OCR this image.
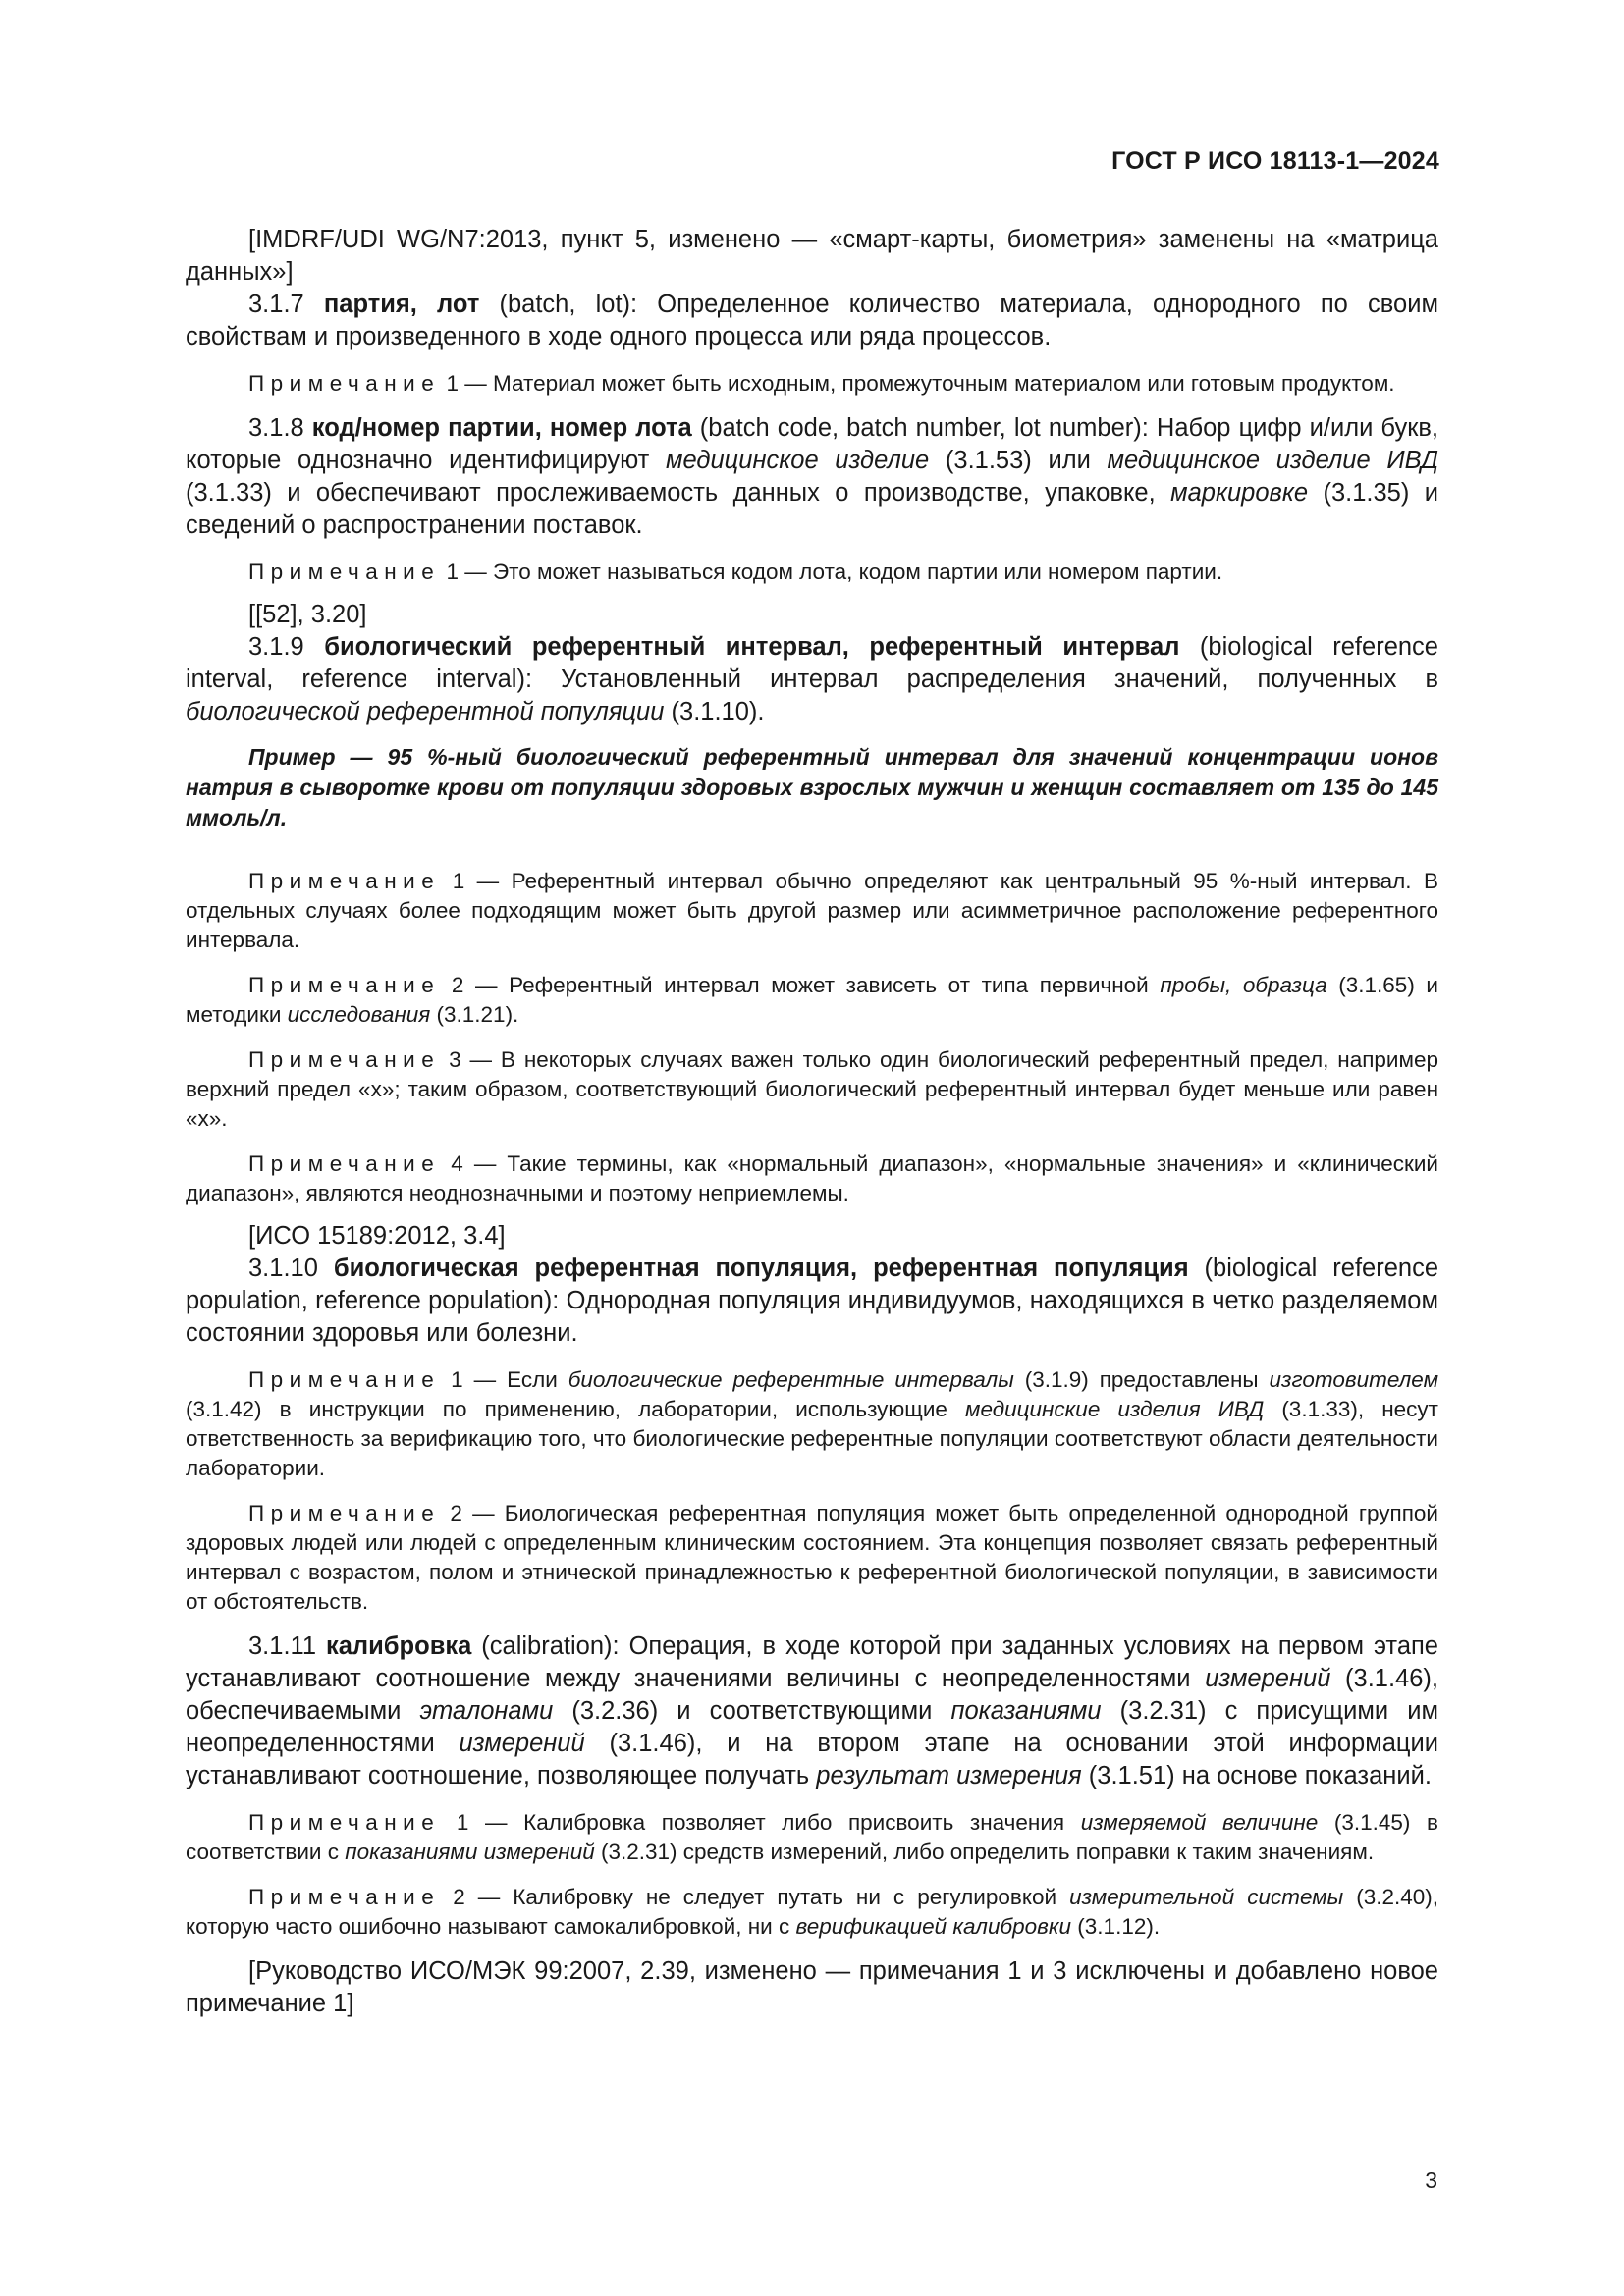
ГОСТ Р ИСО 18113-1—2024

[IMDRF/UDI WG/N7:2013, пункт 5, изменено — «смарт-карты, биометрия» заменены на «матрица данных»]

3.1.7 партия, лот (batch, lot): Определенное количество материала, однородного по своим свойствам и произведенного в ходе одного процесса или ряда процессов.

Примечание 1 — Материал может быть исходным, промежуточным материалом или готовым продуктом.

3.1.8 код/номер партии, номер лота (batch code, batch number, lot number): Набор цифр и/или букв, которые однозначно идентифицируют медицинское изделие (3.1.53) или медицинское изделие ИВД (3.1.33) и обеспечивают прослеживаемость данных о производстве, упаковке, маркировке (3.1.35) и сведений о распространении поставок.

Примечание 1 — Это может называться кодом лота, кодом партии или номером партии.

[[52], 3.20]

3.1.9 биологический референтный интервал, референтный интервал (biological reference interval, reference interval): Установленный интервал распределения значений, полученных в биологической референтной популяции (3.1.10).

Пример — 95 %-ный биологический референтный интервал для значений концентрации ионов натрия в сыворотке крови от популяции здоровых взрослых мужчин и женщин составляет от 135 до 145 ммоль/л.

Примечание 1 — Референтный интервал обычно определяют как центральный 95 %-ный интервал. В отдельных случаях более подходящим может быть другой размер или асимметричное расположение референтного интервала.

Примечание 2 — Референтный интервал может зависеть от типа первичной пробы, образца (3.1.65) и методики исследования (3.1.21).

Примечание 3 — В некоторых случаях важен только один биологический референтный предел, например верхний предел «x»; таким образом, соответствующий биологический референтный интервал будет меньше или равен «x».

Примечание 4 — Такие термины, как «нормальный диапазон», «нормальные значения» и «клинический диапазон», являются неоднозначными и поэтому неприемлемы.

[ИСО 15189:2012, 3.4]

3.1.10 биологическая референтная популяция, референтная популяция (biological reference population, reference population): Однородная популяция индивидуумов, находящихся в четко разделяемом состоянии здоровья или болезни.

Примечание 1 — Если биологические референтные интервалы (3.1.9) предоставлены изготовителем (3.1.42) в инструкции по применению, лаборатории, использующие медицинские изделия ИВД (3.1.33), несут ответственность за верификацию того, что биологические референтные популяции соответствуют области деятельности лаборатории.

Примечание 2 — Биологическая референтная популяция может быть определенной однородной группой здоровых людей или людей с определенным клиническим состоянием. Эта концепция позволяет связать референтный интервал с возрастом, полом и этнической принадлежностью к референтной биологической популяции, в зависимости от обстоятельств.

3.1.11 калибровка (calibration): Операция, в ходе которой при заданных условиях на первом этапе устанавливают соотношение между значениями величины с неопределенностями измерений (3.1.46), обеспечиваемыми эталонами (3.2.36) и соответствующими показаниями (3.2.31) с присущими им неопределенностями измерений (3.1.46), и на втором этапе на основании этой информации устанавливают соотношение, позволяющее получать результат измерения (3.1.51) на основе показаний.

Примечание 1 — Калибровка позволяет либо присвоить значения измеряемой величине (3.1.45) в соответствии с показаниями измерений (3.2.31) средств измерений, либо определить поправки к таким значениям.

Примечание 2 — Калибровку не следует путать ни с регулировкой измерительной системы (3.2.40), которую часто ошибочно называют самокалибровкой, ни с верификацией калибровки (3.1.12).

[Руководство ИСО/МЭК 99:2007, 2.39, изменено — примечания 1 и 3 исключены и добавлено новое примечание 1]

3
